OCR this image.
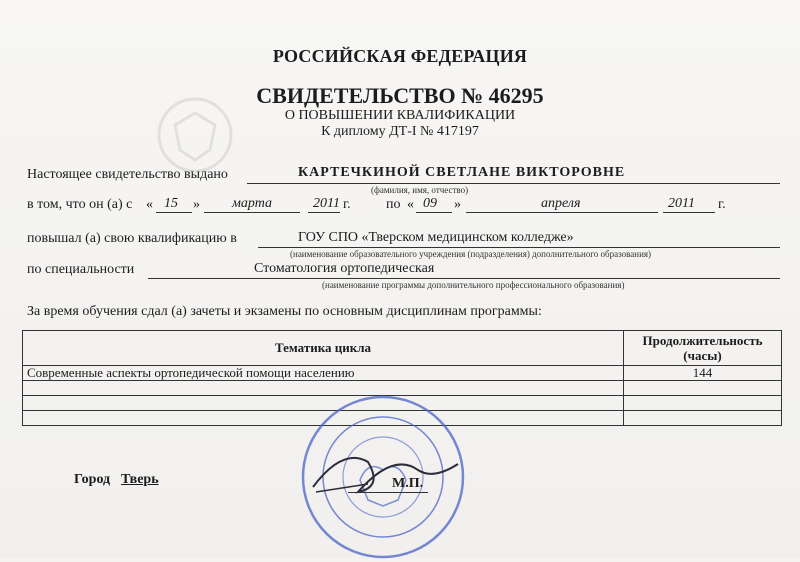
РОССИЙСКАЯ ФЕДЕРАЦИЯ
СВИДЕТЕЛЬСТВО № 46295
О ПОВЫШЕНИИ КВАЛИФИКАЦИИ
К диплому ДТ-I № 417197
Настоящее свидетельство выдано	КАРТЕЧКИНОЙ СВЕТЛАНЕ ВИКТОРОВНЕ
(фамилия, имя, отчество)
в том, что он (а) с « 15 » марта	2011 г.	по « 09 »	апреля	2011 г.
повышал (а) свою квалификацию в	ГОУ СПО «Тверском медицинском колледже»
(наименование образовательного учреждения (подразделения) дополнительного образования)
по специальности	Стоматология ортопедическая
(наименование программы дополнительного профессионального образования)
За время обучения сдал (а) зачеты и экзамены по основным дисциплинам программы:
Тематика цикла	Продолжительность
(часы)
Современные аспекты ортопедической помощи населению	144

Город Тверь	М.П.
